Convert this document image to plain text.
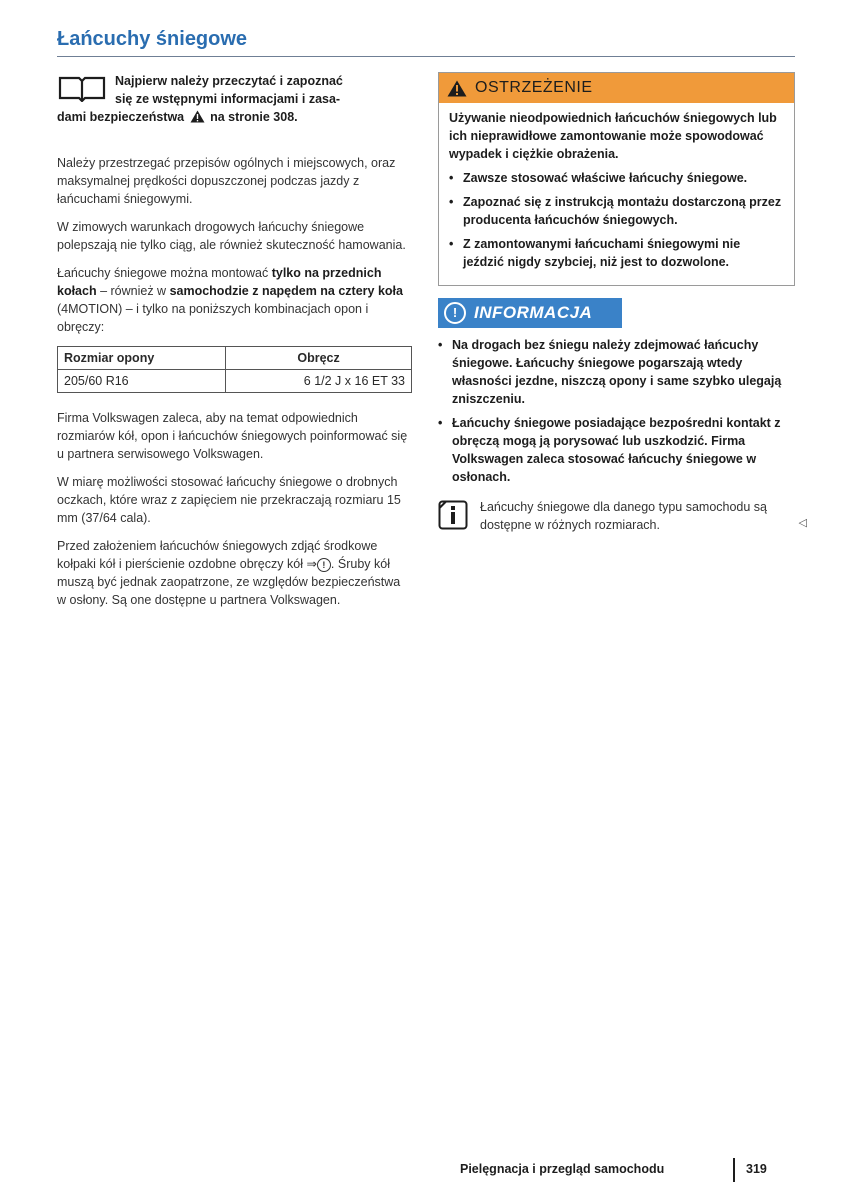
Łańcuchy śniegowe
Najpierw należy przeczytać i zapoznać
się ze wstępnymi informacjami i zasa-
dami bezpieczeństwa na stronie 308.

Należy przestrzegać przepisów ogólnych i miejscowych, oraz maksymalnej prędkości dopuszczonej podczas jazdy z łańcuchami śniegowymi.

W zimowych warunkach drogowych łańcuchy śniegowe polepszają nie tylko ciąg, ale również skuteczność hamowania.

Łańcuchy śniegowe można montować tylko na przednich kołach – również w samochodzie z napędem na cztery koła (4MOTION) – i tylko na poniższych kombinacjach opon i obręczy:

Rozmiar opony	Obręcz
205/60 R16	6 1/2 J x 16 ET 33

Firma Volkswagen zaleca, aby na temat odpowiednich rozmiarów kół, opon i łańcuchów śniegowych poinformować się u partnera serwisowego Volkswagen.

W miarę możliwości stosować łańcuchy śniegowe o drobnych oczkach, które wraz z zapięciem nie przekraczają rozmiaru 15 mm (37/64 cala).

Przed założeniem łańcuchów śniegowych zdjąć środkowe kołpaki kół i pierścienie ozdobne obręczy kół ⇒ ! . Śruby kół muszą być jednak zaopatrzone, ze względów bezpieczeństwa w osłony. Są one dostępne u partnera Volkswagen.

OSTRZEŻENIE

Używanie nieodpowiednich łańcuchów śniegowych lub ich nieprawidłowe zamontowanie może spowodować wypadek i ciężkie obrażenia.

• Zawsze stosować właściwe łańcuchy śniegowe.
• Zapoznać się z instrukcją montażu dostarczoną przez producenta łańcuchów śniegowych.
• Z zamontowanymi łańcuchami śniegowymi nie jeździć nigdy szybciej, niż jest to dozwolone.
! INFORMACJA
• Na drogach bez śniegu należy zdejmować łańcuchy śniegowe. Łańcuchy śniegowe pogarszają wtedy własności jezdne, niszczą opony i same szybko ulegają zniszczeniu.
• Łańcuchy śniegowe posiadające bezpośredni kontakt z obręczą mogą ją porysować lub uszkodzić. Firma Volkswagen zaleca stosować łańcuchy śniegowe w osłonach.
Łańcuchy śniegowe dla danego typu samochodu są dostępne w różnych rozmiarach.	◁
Pielęgnacja i przegląd samochodu	319
